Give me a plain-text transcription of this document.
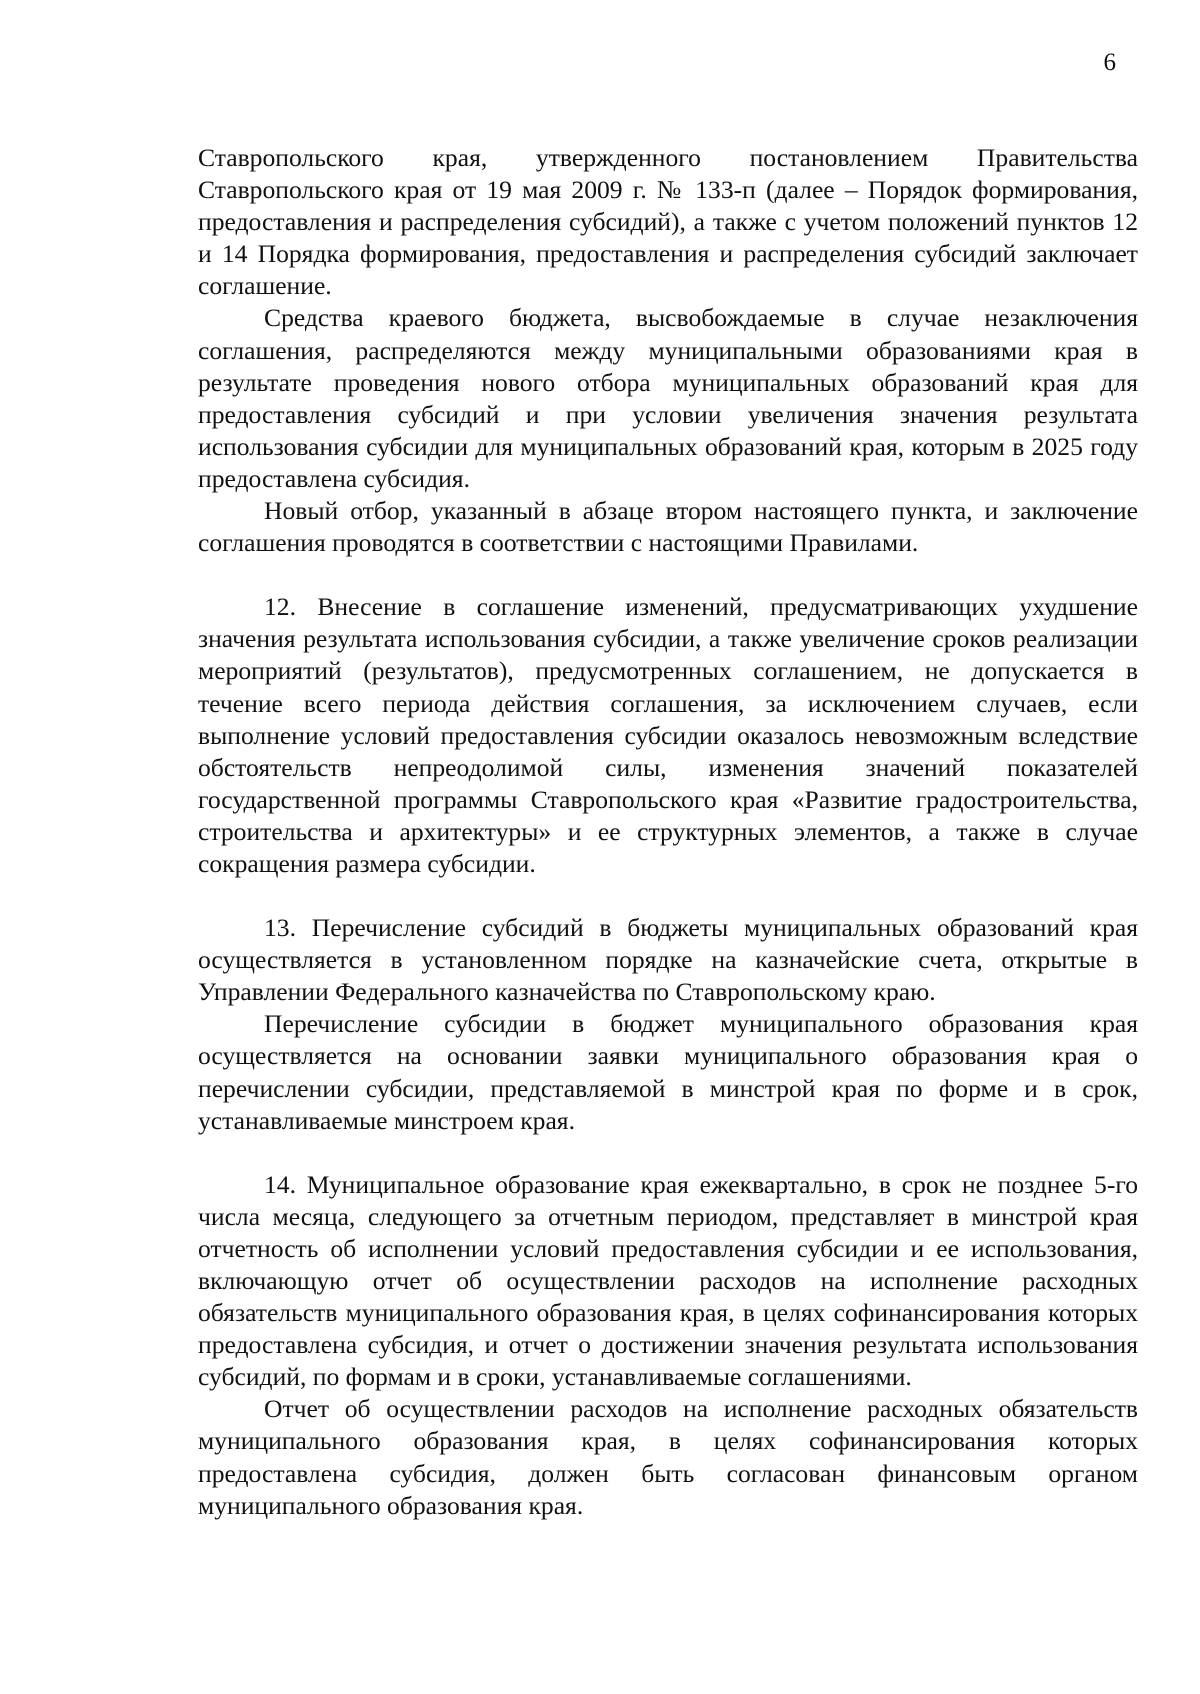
6

Ставропольского края, утвержденного постановлением Правительства Ставропольского края от 19 мая 2009 г. № 133-п (далее – Порядок формирования, предоставления и распределения субсидий), а также с учетом положений пунктов 12 и 14 Порядка формирования, предоставления и распределения субсидий заключает соглашение.

Средства краевого бюджета, высвобождаемые в случае незаключения соглашения, распределяются между муниципальными образованиями края в результате проведения нового отбора муниципальных образований края для предоставления субсидий и при условии увеличения значения результата использования субсидии для муниципальных образований края, которым в 2025 году предоставлена субсидия.

Новый отбор, указанный в абзаце втором настоящего пункта, и заключение соглашения проводятся в соответствии с настоящими Правилами.

12. Внесение в соглашение изменений, предусматривающих ухудшение значения результата использования субсидии, а также увеличение сроков реализации мероприятий (результатов), предусмотренных соглашением, не допускается в течение всего периода действия соглашения, за исключением случаев, если выполнение условий предоставления субсидии оказалось невозможным вследствие обстоятельств непреодолимой силы, изменения значений показателей государственной программы Ставропольского края «Развитие градостроительства, строительства и архитектуры» и ее структурных элементов, а также в случае сокращения размера субсидии.

13. Перечисление субсидий в бюджеты муниципальных образований края осуществляется в установленном порядке на казначейские счета, открытые в Управлении Федерального казначейства по Ставропольскому краю.

Перечисление субсидии в бюджет муниципального образования края осуществляется на основании заявки муниципального образования края о перечислении субсидии, представляемой в минстрой края по форме и в срок, устанавливаемые минстроем края.

14. Муниципальное образование края ежеквартально, в срок не позднее 5-го числа месяца, следующего за отчетным периодом, представляет в минстрой края отчетность об исполнении условий предоставления субсидии и ее использования, включающую отчет об осуществлении расходов на исполнение расходных обязательств муниципального образования края, в целях софинансирования которых предоставлена субсидия, и отчет о достижении значения результата использования субсидий, по формам и в сроки, устанавливаемые соглашениями.

Отчет об осуществлении расходов на исполнение расходных обязательств муниципального образования края, в целях софинансирования которых предоставлена субсидия, должен быть согласован финансовым органом муниципального образования края.
